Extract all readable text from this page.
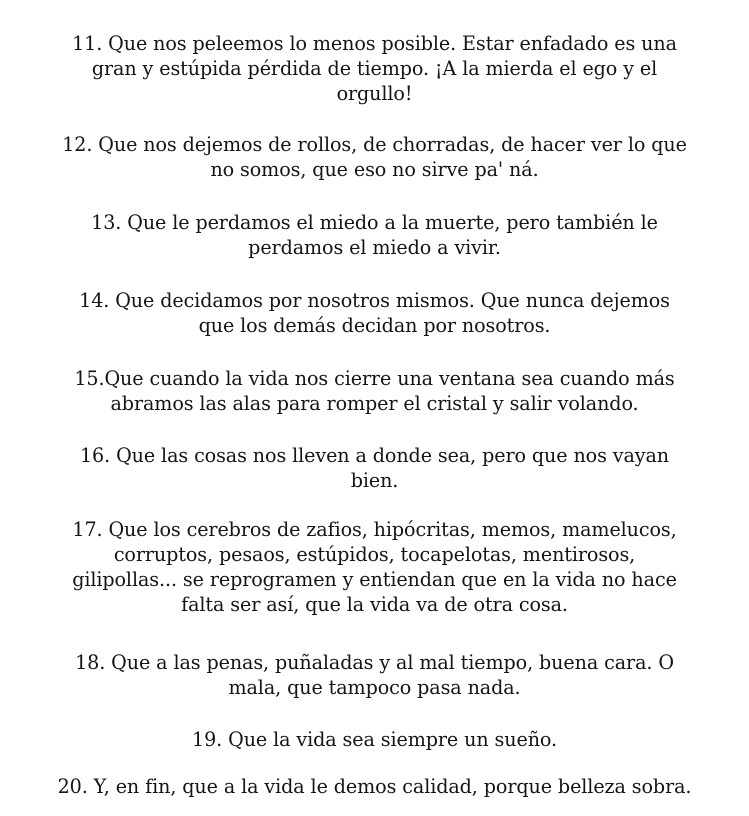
11. Que nos peleemos lo menos posible. Estar enfadado es una
gran y estúpida pérdida de tiempo. ¡A la mierda el ego y el
orgullo!
12. Que nos dejemos de rollos, de chorradas, de hacer ver lo que
no somos, que eso no sirve pa' ná.
13. Que le perdamos el miedo a la muerte, pero también le
perdamos el miedo a vivir.
14. Que decidamos por nosotros mismos. Que nunca dejemos
que los demás decidan por nosotros.
15.Que cuando la vida nos cierre una ventana sea cuando más
abramos las alas para romper el cristal y salir volando.
16. Que las cosas nos lleven a donde sea, pero que nos vayan
bien.
17. Que los cerebros de zafios, hipócritas, memos, mamelucos,
corruptos, pesaos, estúpidos, tocapelotas, mentirosos,
gilipollas... se reprogramen y entiendan que en la vida no hace
falta ser así, que la vida va de otra cosa.
18. Que a las penas, puñaladas y al mal tiempo, buena cara. O
mala, que tampoco pasa nada.
19. Que la vida sea siempre un sueño.
20. Y, en fin, que a la vida le demos calidad, porque belleza sobra.
